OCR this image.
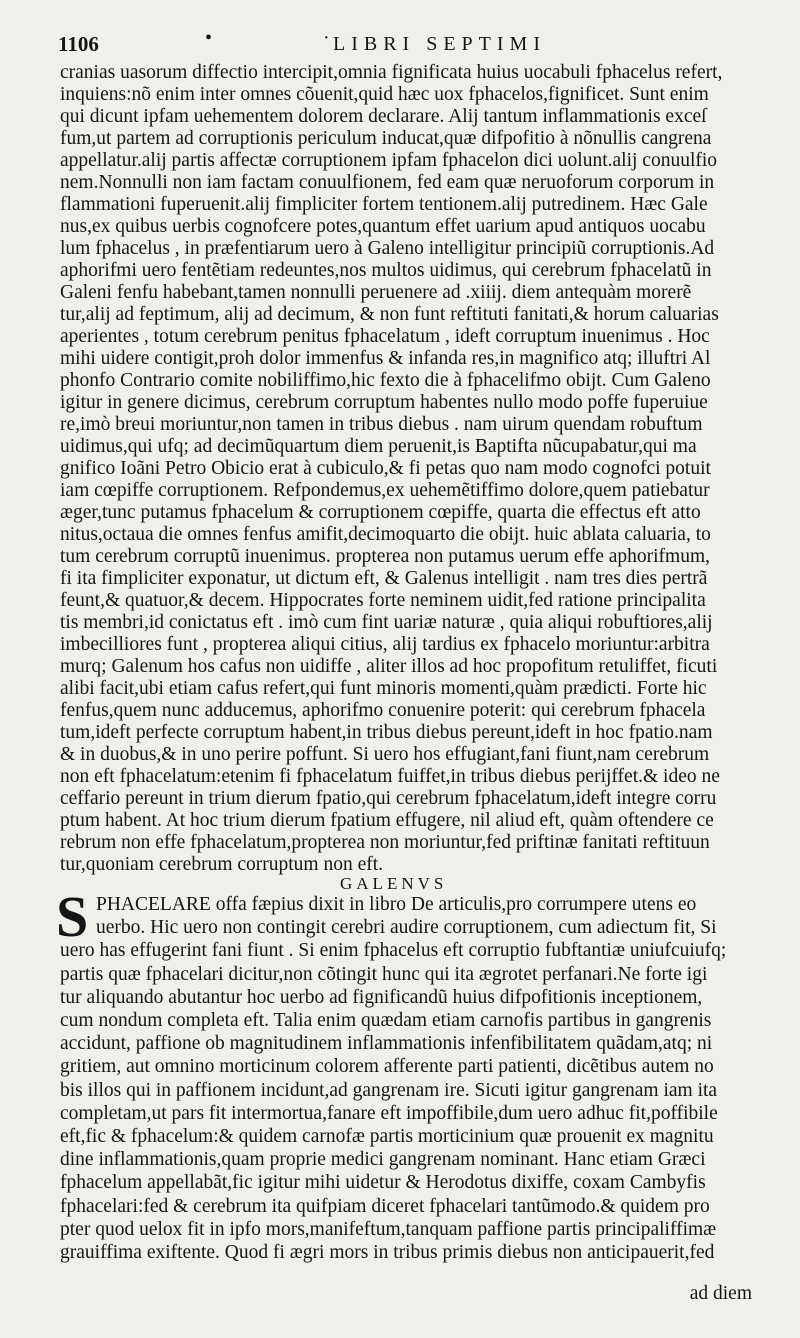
1106	•	LIBRI SEPTIMI
·
cranias uasorum diffectio intercipit,omnia fignificata huius uocabuli fphacelus refert,
inquiens:nõ enim inter omnes cõuenit,quid hæc uox fphacelos,fignificet. Sunt enim
qui dicunt ipfam uehementem dolorem declarare. Alij tantum inflammationis exceſ
fum,ut partem ad corruptionis periculum inducat,quæ difpofitio à nõnullis cangrena
appellatur.alij partis affectæ corruptionem ipfam fphacelon dici uolunt.alij conuulfio
nem.Nonnulli non iam factam conuulfionem, fed eam quæ neruoforum corporum in
flammationi fuperuenit.alij fimpliciter fortem tentionem.alij putredinem. Hæc Gale
nus,ex quibus uerbis cognofcere potes,quantum effet uarium apud antiquos uocabu
lum fphacelus , in præfentiarum uero à Galeno intelligitur principiũ corruptionis.Ad
aphorifmi uero fentẽtiam redeuntes,nos multos uidimus, qui cerebrum fphacelatũ in
Galeni fenfu habebant,tamen nonnulli peruenere ad .xiiij. diem antequàm morerẽ
tur,alij ad feptimum, alij ad decimum, & non funt reftituti fanitati,& horum caluarias
aperientes , totum cerebrum penitus fphacelatum , ideft corruptum inuenimus . Hoc
mihi uidere contigit,proh dolor immenfus & infanda res,in magnifico atq; illuftri Al
phonfo Contrario comite nobiliffimo,hic fexto die à fphacelifmo obijt. Cum Galeno
igitur in genere dicimus, cerebrum corruptum habentes nullo modo poffe fuperuiue
re,imò breui moriuntur,non tamen in tribus diebus . nam uirum quendam robuftum
uidimus,qui ufq; ad decimũquartum diem peruenit,is Baptifta nũcupabatur,qui ma
gnifico Ioãni Petro Obicio erat à cubiculo,& fi petas quo nam modo cognofci potuit
iam cœpiffe corruptionem. Refpondemus,ex uehemẽtiffimo dolore,quem patiebatur
æger,tunc putamus fphacelum & corruptionem cœpiffe, quarta die effectus eft atto
nitus,octaua die omnes fenfus amifit,decimoquarto die obijt. huic ablata caluaria, to
tum cerebrum corruptũ inuenimus. propterea non putamus uerum effe aphorifmum,
fi ita fimpliciter exponatur, ut dictum eft, & Galenus intelligit . nam tres dies pertrã
feunt,& quatuor,& decem. Hippocrates forte neminem uidit,fed ratione principalita
tis membri,id conictatus eft . imò cum fint uariæ naturæ , quia aliqui robuftiores,alij
imbecilliores funt , propterea aliqui citius, alij tardius ex fphacelo moriuntur:arbitra
murq; Galenum hos cafus non uidiffe , aliter illos ad hoc propofitum retuliffet, ficuti
alibi facit,ubi etiam cafus refert,qui funt minoris momenti,quàm prædicti. Forte hic
fenfus,quem nunc adducemus, aphorifmo conuenire poterit: qui cerebrum fphacela
tum,ideft perfecte corruptum habent,in tribus diebus pereunt,ideft in hoc fpatio.nam
& in duobus,& in uno perire poffunt. Si uero hos effugiant,fani fiunt,nam cerebrum
non eft fphacelatum:etenim fi fphacelatum fuiffet,in tribus diebus perijffet.& ideo ne
ceffario pereunt in trium dierum fpatio,qui cerebrum fphacelatum,ideft integre corru
ptum habent. At hoc trium dierum fpatium effugere, nil aliud eft, quàm oftendere ce
rebrum non effe fphacelatum,propterea non moriuntur,fed priftinæ fanitati reftituun
tur,quoniam cerebrum corruptum non eft.
GALENVS
S PHACELARE offa fæpius dixit in libro De articulis,pro corrumpere utens eo
uerbo. Hic uero non contingit cerebri audire corruptionem, cum adiectum fit, Si
uero has effugerint fani fiunt . Si enim fphacelus eft corruptio fubftantiæ uniufcuiufq;
partis quæ fphacelari dicitur,non cõtingit hunc qui ita ægrotet perfanari.Ne forte igi
tur aliquando abutantur hoc uerbo ad fignificandũ huius difpofitionis inceptionem,
cum nondum completa eft. Talia enim quædam etiam carnofis partibus in gangrenis
accidunt, paffione ob magnitudinem inflammationis infenfibilitatem quãdam,atq; ni
gritiem, aut omnino morticinum colorem afferente parti patienti, dicẽtibus autem no
bis illos qui in paffionem incidunt,ad gangrenam ire. Sicuti igitur gangrenam iam ita
completam,ut pars fit intermortua,fanare eft impoffibile,dum uero adhuc fit,poffibile
eft,fic & fphacelum:& quidem carnofæ partis morticinium quæ prouenit ex magnitu
dine inflammationis,quam proprie medici gangrenam nominant. Hanc etiam Græci
fphacelum appellabãt,fic igitur mihi uidetur & Herodotus dixiffe, coxam Cambyfis
fphacelari:fed & cerebrum ita quifpiam diceret fphacelari tantũmodo.& quidem pro
pter quod uelox fit in ipfo mors,manifeftum,tanquam paffione partis principaliffimæ
grauiffima exiftente. Quod fi ægri mors in tribus primis diebus non anticipauerit,fed
ad diem
